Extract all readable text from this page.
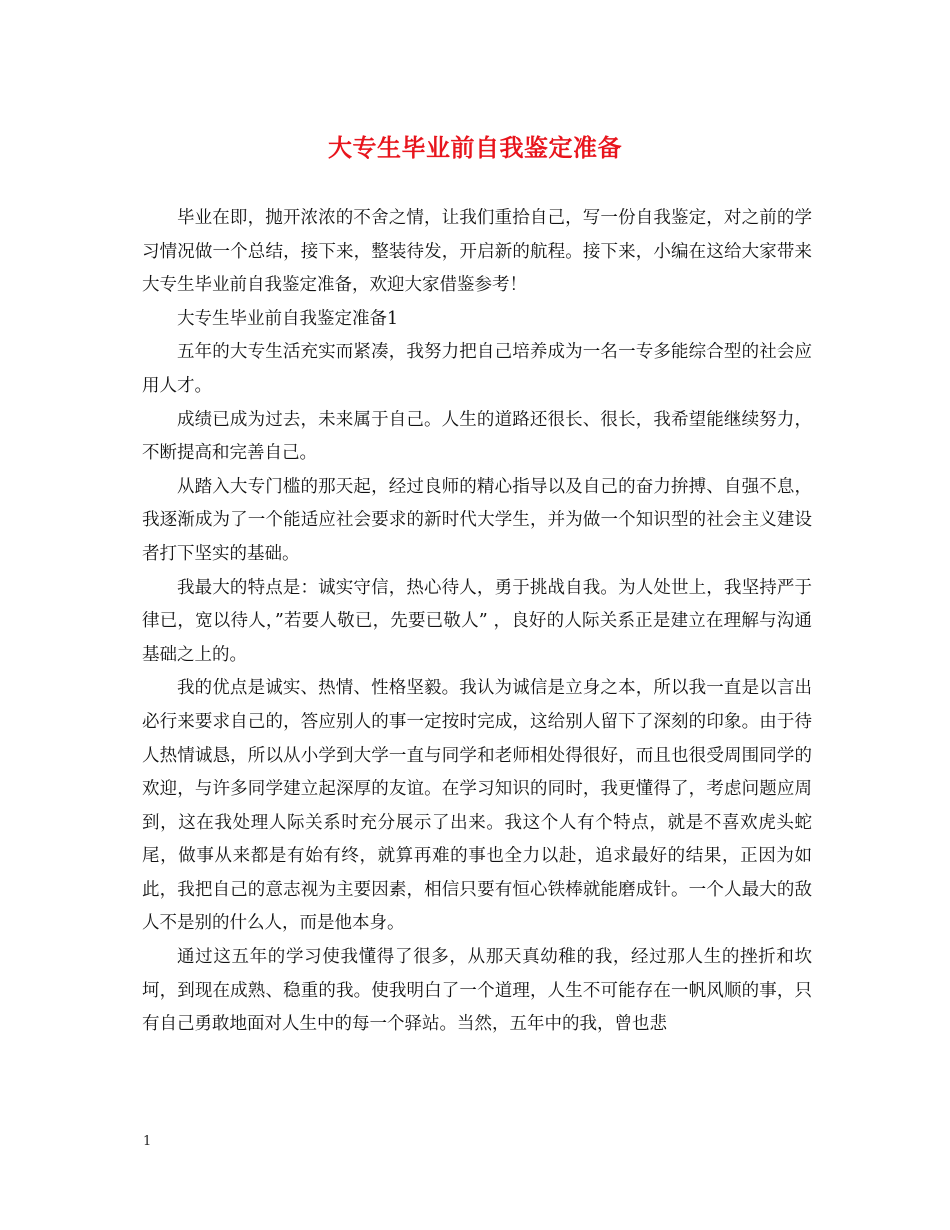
大专生毕业前自我鉴定准备

毕业在即，抛开浓浓的不舍之情，让我们重拾自己，写一份自我鉴定，对之前的学习情况做一个总结，接下来，整装待发，开启新的航程。接下来，小编在这给大家带来大专生毕业前自我鉴定准备，欢迎大家借鉴参考！

大专生毕业前自我鉴定准备1

五年的大专生活充实而紧凑，我努力把自己培养成为一名一专多能综合型的社会应用人才。

成绩已成为过去，未来属于自己。人生的道路还很长、很长，我希望能继续努力，不断提高和完善自己。

从踏入大专门槛的那天起，经过良师的精心指导以及自己的奋力拚搏、自强不息，我逐渐成为了一个能适应社会要求的新时代大学生，并为做一个知识型的社会主义建设者打下坚实的基础。

我最大的特点是：诚实守信，热心待人，勇于挑战自我。为人处世上，我坚持严于律已，宽以待人，”若要人敬已，先要已敬人” ，良好的人际关系正是建立在理解与沟通基础之上的。

我的优点是诚实、热情、性格坚毅。我认为诚信是立身之本，所以我一直是以言出必行来要求自己的，答应别人的事一定按时完成，这给别人留下了深刻的印象。由于待人热情诚恳，所以从小学到大学一直与同学和老师相处得很好，而且也很受周围同学的欢迎，与许多同学建立起深厚的友谊。在学习知识的同时，我更懂得了，考虑问题应周到，这在我处理人际关系时充分展示了出来。我这个人有个特点，就是不喜欢虎头蛇尾，做事从来都是有始有终，就算再难的事也全力以赴，追求最好的结果，正因为如此，我把自己的意志视为主要因素，相信只要有恒心铁棒就能磨成针。一个人最大的敌人不是别的什么人，而是他本身。

通过这五年的学习使我懂得了很多，从那天真幼稚的我，经过那人生的挫折和坎坷，到现在成熟、稳重的我。使我明白了一个道理，人生不可能存在一帆风顺的事，只有自己勇敢地面对人生中的每一个驿站。当然，五年中的我，曾也悲

1
